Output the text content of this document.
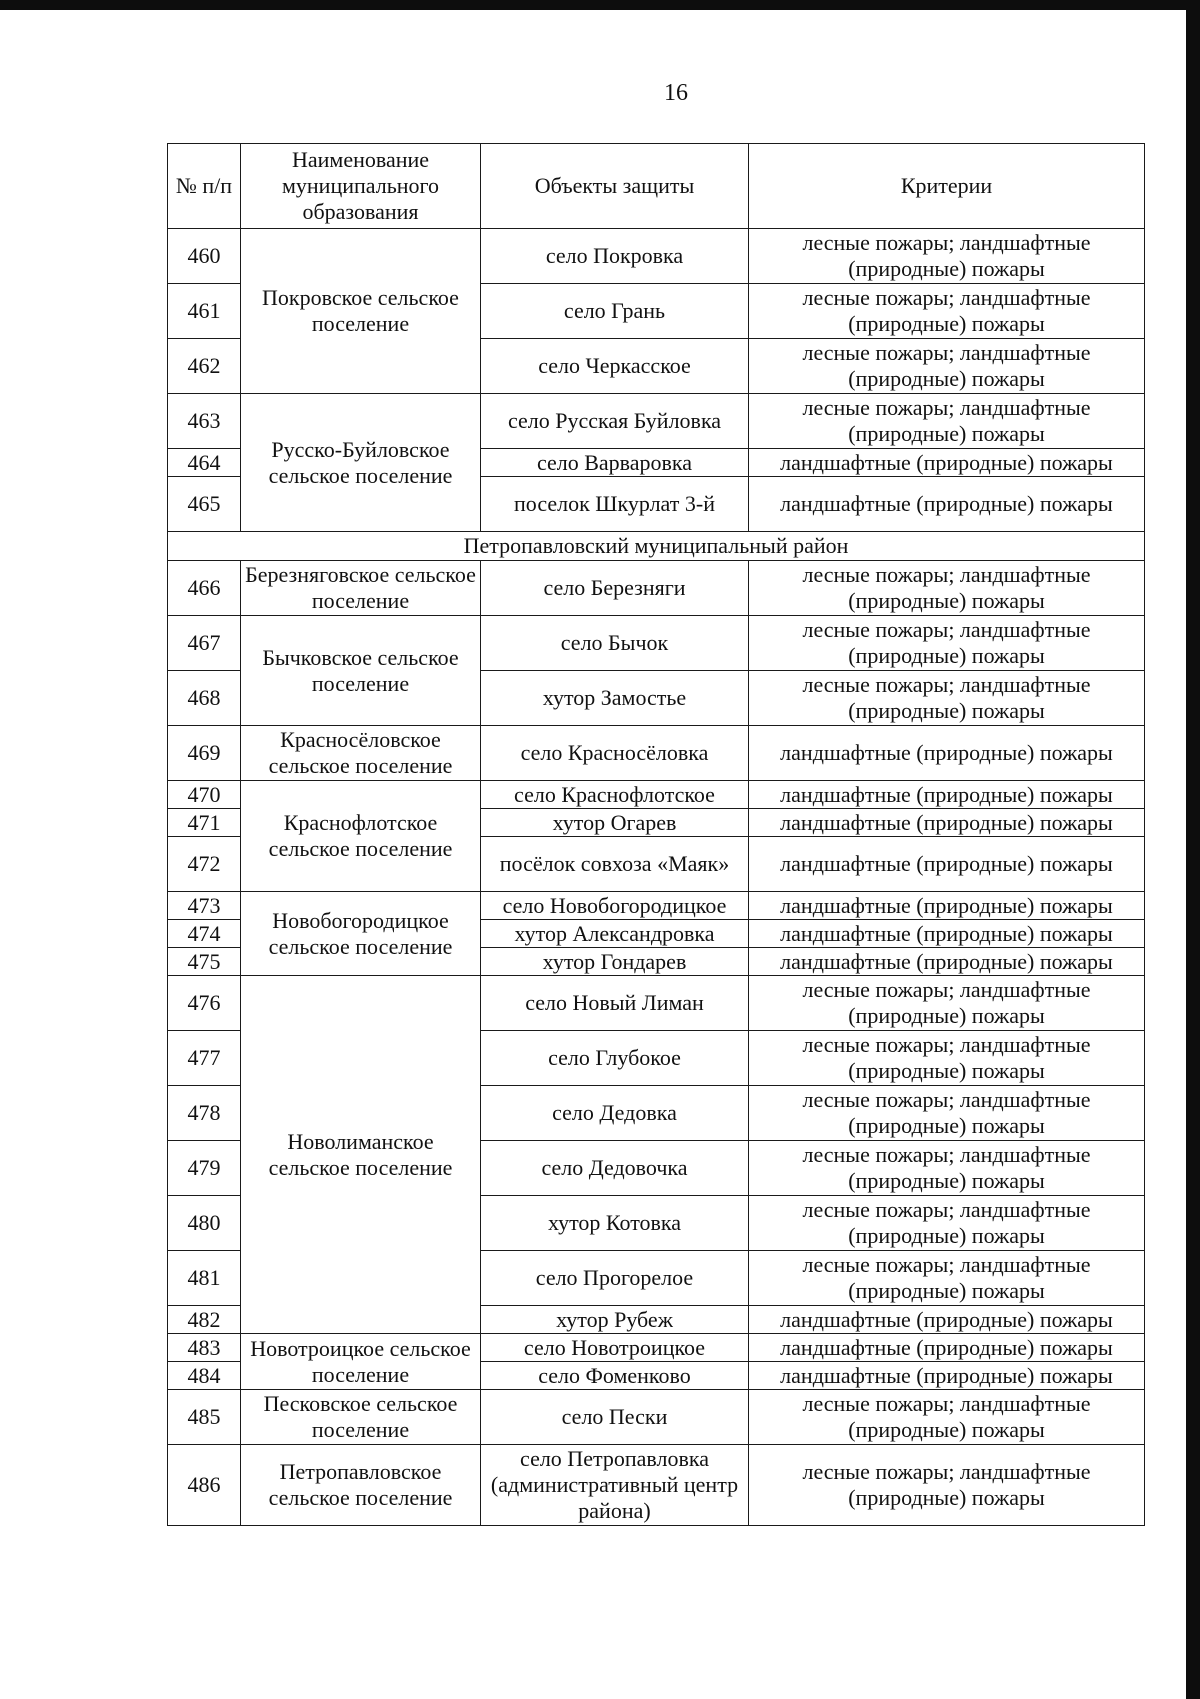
16
№ п/п	Наименование муниципального образования	Объекты защиты	Критерии
460	Покровское сельское поселение	село Покровка	лесные пожары; ландшафтные (природные) пожары
461		село Грань	лесные пожары; ландшафтные (природные) пожары
462		село Черкасское	лесные пожары; ландшафтные (природные) пожары
463	Русско-Буйловское сельское поселение	село Русская Буйловка	лесные пожары; ландшафтные (природные) пожары
464		село Варваровка	ландшафтные (природные) пожары
465		поселок Шкурлат 3-й	ландшафтные (природные) пожары
Петропавловский муниципальный район			
466	Березняговское сельское поселение	село Березняги	лесные пожары; ландшафтные (природные) пожары
467	Бычковское сельское поселение	село Бычок	лесные пожары; ландшафтные (природные) пожары
468		хутор Замостье	лесные пожары; ландшафтные (природные) пожары
469	Красносёловское сельское поселение	село Красносёловка	ландшафтные (природные) пожары
470	Краснофлотское сельское поселение	село Краснофлотское	ландшафтные (природные) пожары
471		хутор Огарев	ландшафтные (природные) пожары
472		посёлок совхоза «Маяк»	ландшафтные (природные) пожары
473	Новобогородицкое сельское поселение	село Новобогородицкое	ландшафтные (природные) пожары
474		хутор Александровка	ландшафтные (природные) пожары
475		хутор Гондарев	ландшафтные (природные) пожары
476	Новолиманское сельское поселение	село Новый Лиман	лесные пожары; ландшафтные (природные) пожары
477		село Глубокое	лесные пожары; ландшафтные (природные) пожары
478		село Дедовка	лесные пожары; ландшафтные (природные) пожары
479		село Дедовочка	лесные пожары; ландшафтные (природные) пожары
480		хутор Котовка	лесные пожары; ландшафтные (природные) пожары
481		село Прогорелое	лесные пожары; ландшафтные (природные) пожары
482		хутор Рубеж	ландшафтные (природные) пожары
483	Новотроицкое сельское поселение	село Новотроицкое	ландшафтные (природные) пожары
484		село Фоменково	ландшафтные (природные) пожары
485	Песковское сельское поселение	село Пески	лесные пожары; ландшафтные (природные) пожары
486	Петропавловское сельское поселение	село Петропавловка (административный центр района)	лесные пожары; ландшафтные (природные) пожары
